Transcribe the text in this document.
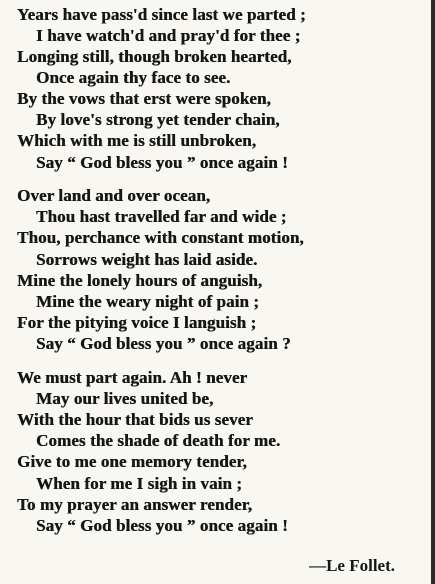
Years have pass'd since last we parted ;
I have watch'd and pray'd for thee ;
Longing still, though broken hearted,
Once again thy face to see.
By the vows that erst were spoken,
By love's strong yet tender chain,
Which with me is still unbroken,
Say “ God bless you ” once again !
Over land and over ocean,
Thou hast travelled far and wide ;
Thou, perchance with constant motion,
Sorrows weight has laid aside.
Mine the lonely hours of anguish,
Mine the weary night of pain ;
For the pitying voice I languish ;
Say “ God bless you ” once again ?
We must part again. Ah ! never
May our lives united be,
With the hour that bids us sever
Comes the shade of death for me.
Give to me one memory tender,
When for me I sigh in vain ;
To my prayer an answer render,
Say “ God bless you ” once again !
—Le Follet.
